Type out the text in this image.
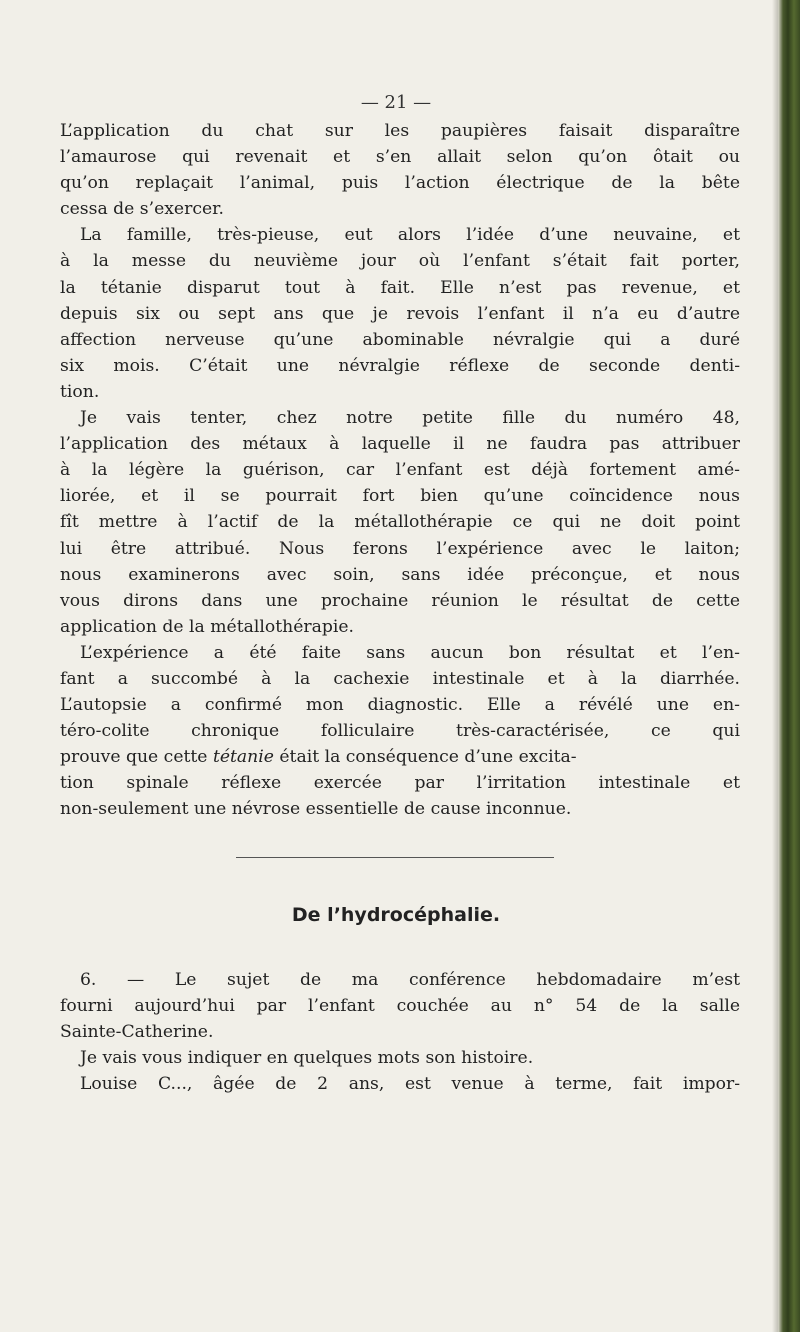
— 21 —
L’application du chat sur les paupières faisait disparaître
l’amaurose qui revenait et s’en allait selon qu’on ôtait ou
qu’on replaçait l’animal, puis l’action électrique de la bête
cessa de s’exercer.
La famille, très-pieuse, eut alors l’idée d’une neuvaine, et
à la messe du neuvième jour où l’enfant s’était fait porter,
la tétanie disparut tout à fait. Elle n’est pas revenue, et
depuis six ou sept ans que je revois l’enfant il n’a eu d’autre
affection nerveuse qu’une abominable névralgie qui a duré
six mois. C’était une névralgie réflexe de seconde denti-
tion.
Je vais tenter, chez notre petite fille du numéro 48,
l’application des métaux à laquelle il ne faudra pas attribuer
à la légère la guérison, car l’enfant est déjà fortement amé-
liorée, et il se pourrait fort bien qu’une coïncidence nous
fît mettre à l’actif de la métallothérapie ce qui ne doit point
lui être attribué. Nous ferons l’expérience avec le laiton;
nous examinerons avec soin, sans idée préconçue, et nous
vous dirons dans une prochaine réunion le résultat de cette
application de la métallothérapie.
L’expérience a été faite sans aucun bon résultat et l’en-
fant a succombé à la cachexie intestinale et à la diarrhée.
L’autopsie a confirmé mon diagnostic. Elle a révélé une en-
téro-colite chronique folliculaire très-caractérisée, ce qui
prouve que cette tétanie était la conséquence d’une excita-
tion spinale réflexe exercée par l’irritation intestinale et
non-seulement une névrose essentielle de cause inconnue.
De l’hydrocéphalie.
6. — Le sujet de ma conférence hebdomadaire m’est
fourni aujourd’hui par l’enfant couchée au n° 54 de la salle
Sainte-Catherine.
Je vais vous indiquer en quelques mots son histoire.
Louise C..., âgée de 2 ans, est venue à terme, fait impor-
